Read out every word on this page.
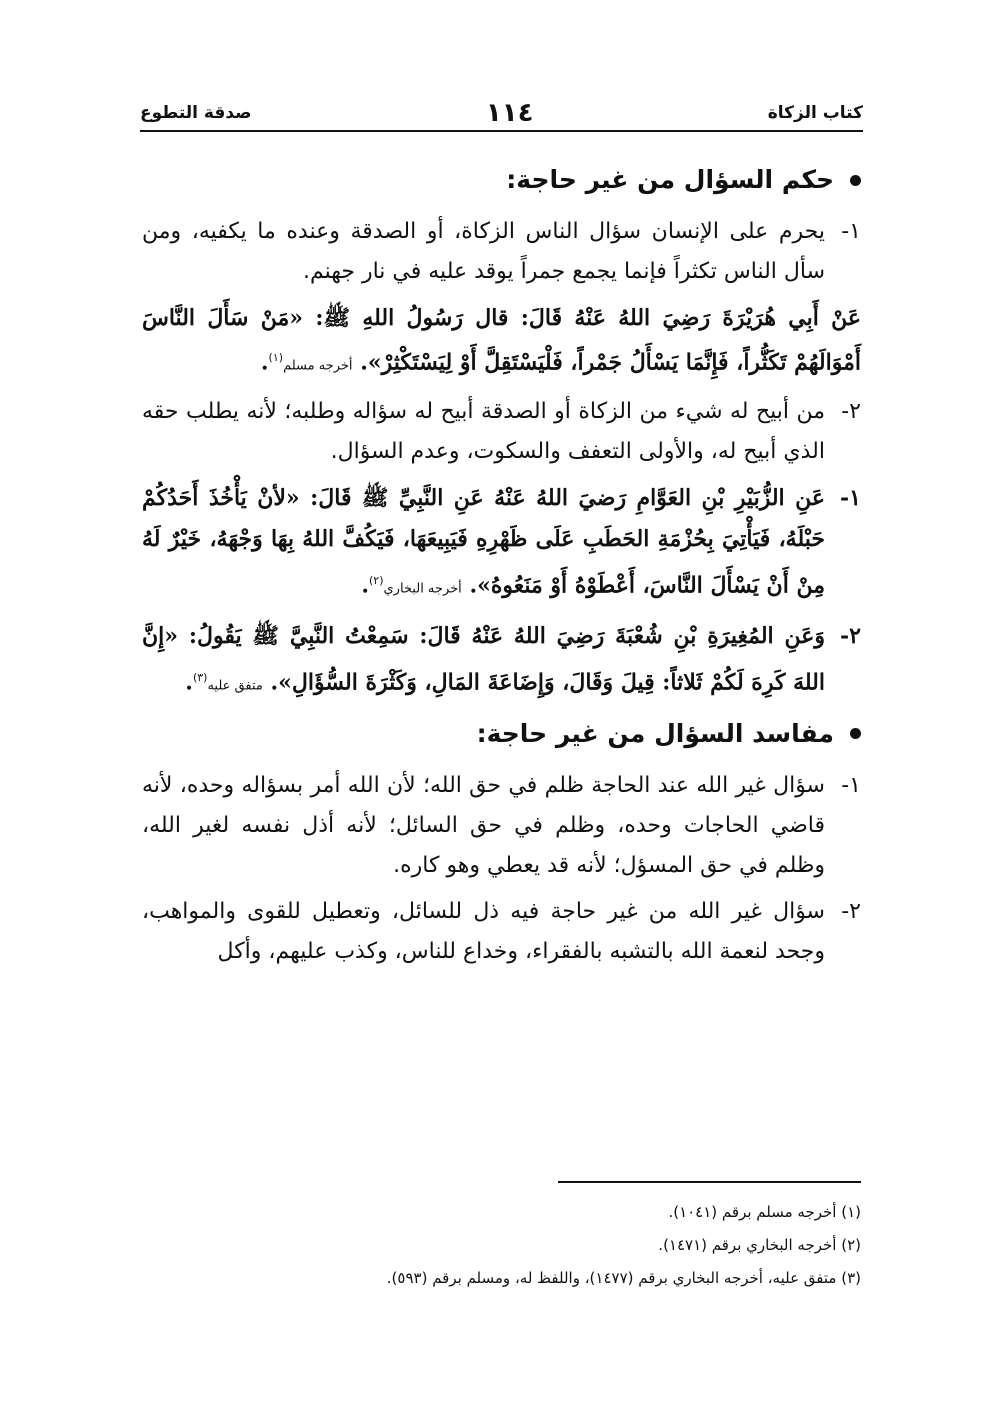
كتاب الزكاة
١١٤
صدقة التطوع
حكم السؤال من غير حاجة:
١-
يحرم على الإنسان سؤال الناس الزكاة، أو الصدقة وعنده ما يكفيه، ومن سأل الناس تكثراً فإنما يجمع جمراً يوقد عليه في نار جهنم.
عَنْ أَبِي هُرَيْرَةَ رَضِيَ اللهُ عَنْهُ قَالَ: قال رَسُولُ اللهِ ﷺ: «مَنْ سَأَلَ النَّاسَ أَمْوَالَهُمْ تَكَثُّراً، فَإِنَّمَا يَسْأَلُ جَمْراً، فَلْيَسْتَقِلَّ أَوْ لِيَسْتَكْثِرْ». أخرجه مسلم$^{(١)}$.
٢-
من أبيح له شيء من الزكاة أو الصدقة أبيح له سؤاله وطلبه؛ لأنه يطلب حقه الذي أبيح له، والأولى التعفف والسكوت، وعدم السؤال.
١-
عَنِ الزُّبَيْرِ بْنِ العَوَّامِ رَضيَ اللهُ عَنْهُ عَنِ النَّبِيِّ ﷺ قَالَ: «لأنْ يَأْخُذَ أَحَدُكُمْ حَبْلَهُ، فَيَأْتِيَ بِحُزْمَةِ الحَطَبِ عَلَى ظَهْرِهِ فَيَبِيعَهَا، فَيَكُفَّ اللهُ بِهَا وَجْهَهُ، خَيْرٌ لَهُ مِنْ أَنْ يَسْأَلَ النَّاسَ، أَعْطَوْهُ أَوْ مَنَعُوهُ». أخرجه البخاري$^{(٢)}$.
٢-
وَعَنِ المُغِيرَةِ بْنِ شُعْبَةَ رَضِيَ اللهُ عَنْهُ قَالَ: سَمِعْتُ النَّبِيَّ ﷺ يَقُولُ: «إِنَّ اللهَ كَرِهَ لَكُمْ ثَلاثاً: قِيلَ وَقَالَ، وَإِضَاعَةَ المَالِ، وَكَثْرَةَ السُّؤَالِ». متفق عليه$^{(٣)}$.
مفاسد السؤال من غير حاجة:
١-
سؤال غير الله عند الحاجة ظلم في حق الله؛ لأن الله أمر بسؤاله وحده، لأنه قاضي الحاجات وحده، وظلم في حق السائل؛ لأنه أذل نفسه لغير الله، وظلم في حق المسؤل؛ لأنه قد يعطي وهو كاره.
٢-
سؤال غير الله من غير حاجة فيه ذل للسائل، وتعطيل للقوى والمواهب، وجحد لنعمة الله بالتشبه بالفقراء، وخداع للناس، وكذب عليهم، وأكل
(١) أخرجه مسلم برقم (١٠٤١).
(٢) أخرجه البخاري برقم (١٤٧١).
(٣) متفق عليه، أخرجه البخاري برقم (١٤٧٧)، واللفظ له، ومسلم برقم (٥٩٣).
